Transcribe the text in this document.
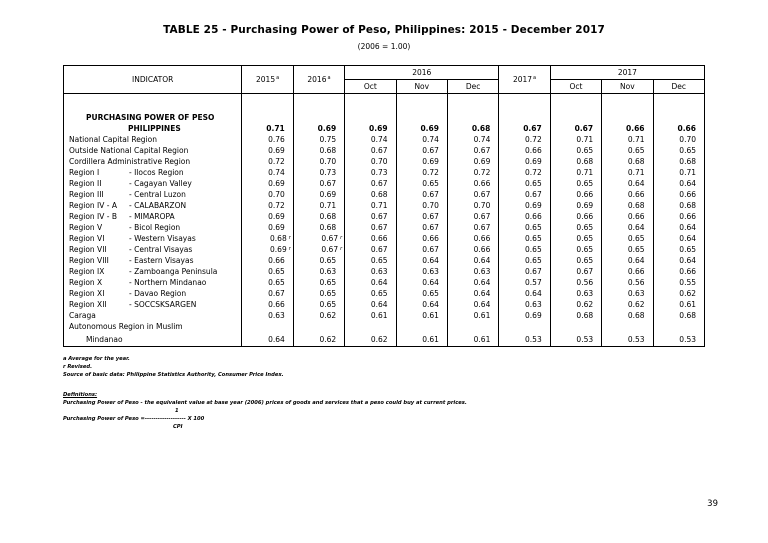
TABLE 25 - Purchasing Power of Peso, Philippines: 2015 - December 2017
(2006 = 1.00)
INDICATOR	2015$^a$	2016$^a$	2016			2017$^a$	2017		
			Oct	Nov	Dec		Oct	Nov	Dec

PURCHASING POWER OF PESO									
PHILIPPINES	0.71	0.69	0.69	0.69	0.68	0.67	0.67	0.66	0.66
National Capital Region	0.76	0.75	0.74	0.74	0.74	0.72	0.71	0.71	0.70
Outside National Capital Region	0.69	0.68	0.67	0.67	0.67	0.66	0.65	0.65	0.65
Cordillera Administrative Region	0.72	0.70	0.70	0.69	0.69	0.69	0.68	0.68	0.68
Region I - Ilocos Region	0.74	0.73	0.73	0.72	0.72	0.72	0.71	0.71	0.71
Region II - Cagayan Valley	0.69	0.67	0.67	0.65	0.66	0.65	0.65	0.64	0.64
Region III - Central Luzon	0.70	0.69	0.68	0.67	0.67	0.67	0.66	0.66	0.66
Region IV - A - CALABARZON	0.72	0.71	0.71	0.70	0.70	0.69	0.69	0.68	0.68
Region IV - B - MIMAROPA	0.69	0.68	0.67	0.67	0.67	0.66	0.66	0.66	0.66
Region V - Bicol Region	0.69	0.68	0.67	0.67	0.67	0.65	0.65	0.64	0.64
Region VI - Western Visayas	0.68 $^r$	0.67 $^r$	0.66	0.66	0.66	0.65	0.65	0.65	0.64
Region VII - Central Visayas	0.69 $^r$	0.67 $^r$	0.67	0.67	0.66	0.65	0.65	0.65	0.65
Region VIII - Eastern Visayas	0.66	0.65	0.65	0.64	0.64	0.65	0.65	0.64	0.64
Region IX - Zamboanga Peninsula	0.65	0.63	0.63	0.63	0.63	0.67	0.67	0.66	0.66
Region X - Northern Mindanao	0.65	0.65	0.64	0.64	0.64	0.57	0.56	0.56	0.55
Region XI - Davao Region	0.67	0.65	0.65	0.65	0.64	0.64	0.63	0.63	0.62
Region XII - SOCCSKSARGEN	0.66	0.65	0.64	0.64	0.64	0.63	0.62	0.62	0.61
Caraga	0.63	0.62	0.61	0.61	0.61	0.69	0.68	0.68	0.68
Autonomous Region in Muslim									
Mindanao	0.64	0.62	0.62	0.61	0.61	0.53	0.53	0.53	0.53
a Average for the year.
r Revised.
Source of basic data: Philippine Statistics Authority, Consumer Price Index.
Definitions:
Purchasing Power of Peso - the equivalent value at base year (2006) prices of goods and services that a peso could buy at current prices.
1
Purchasing Power of Peso =------------------- X 100
CPI
39
